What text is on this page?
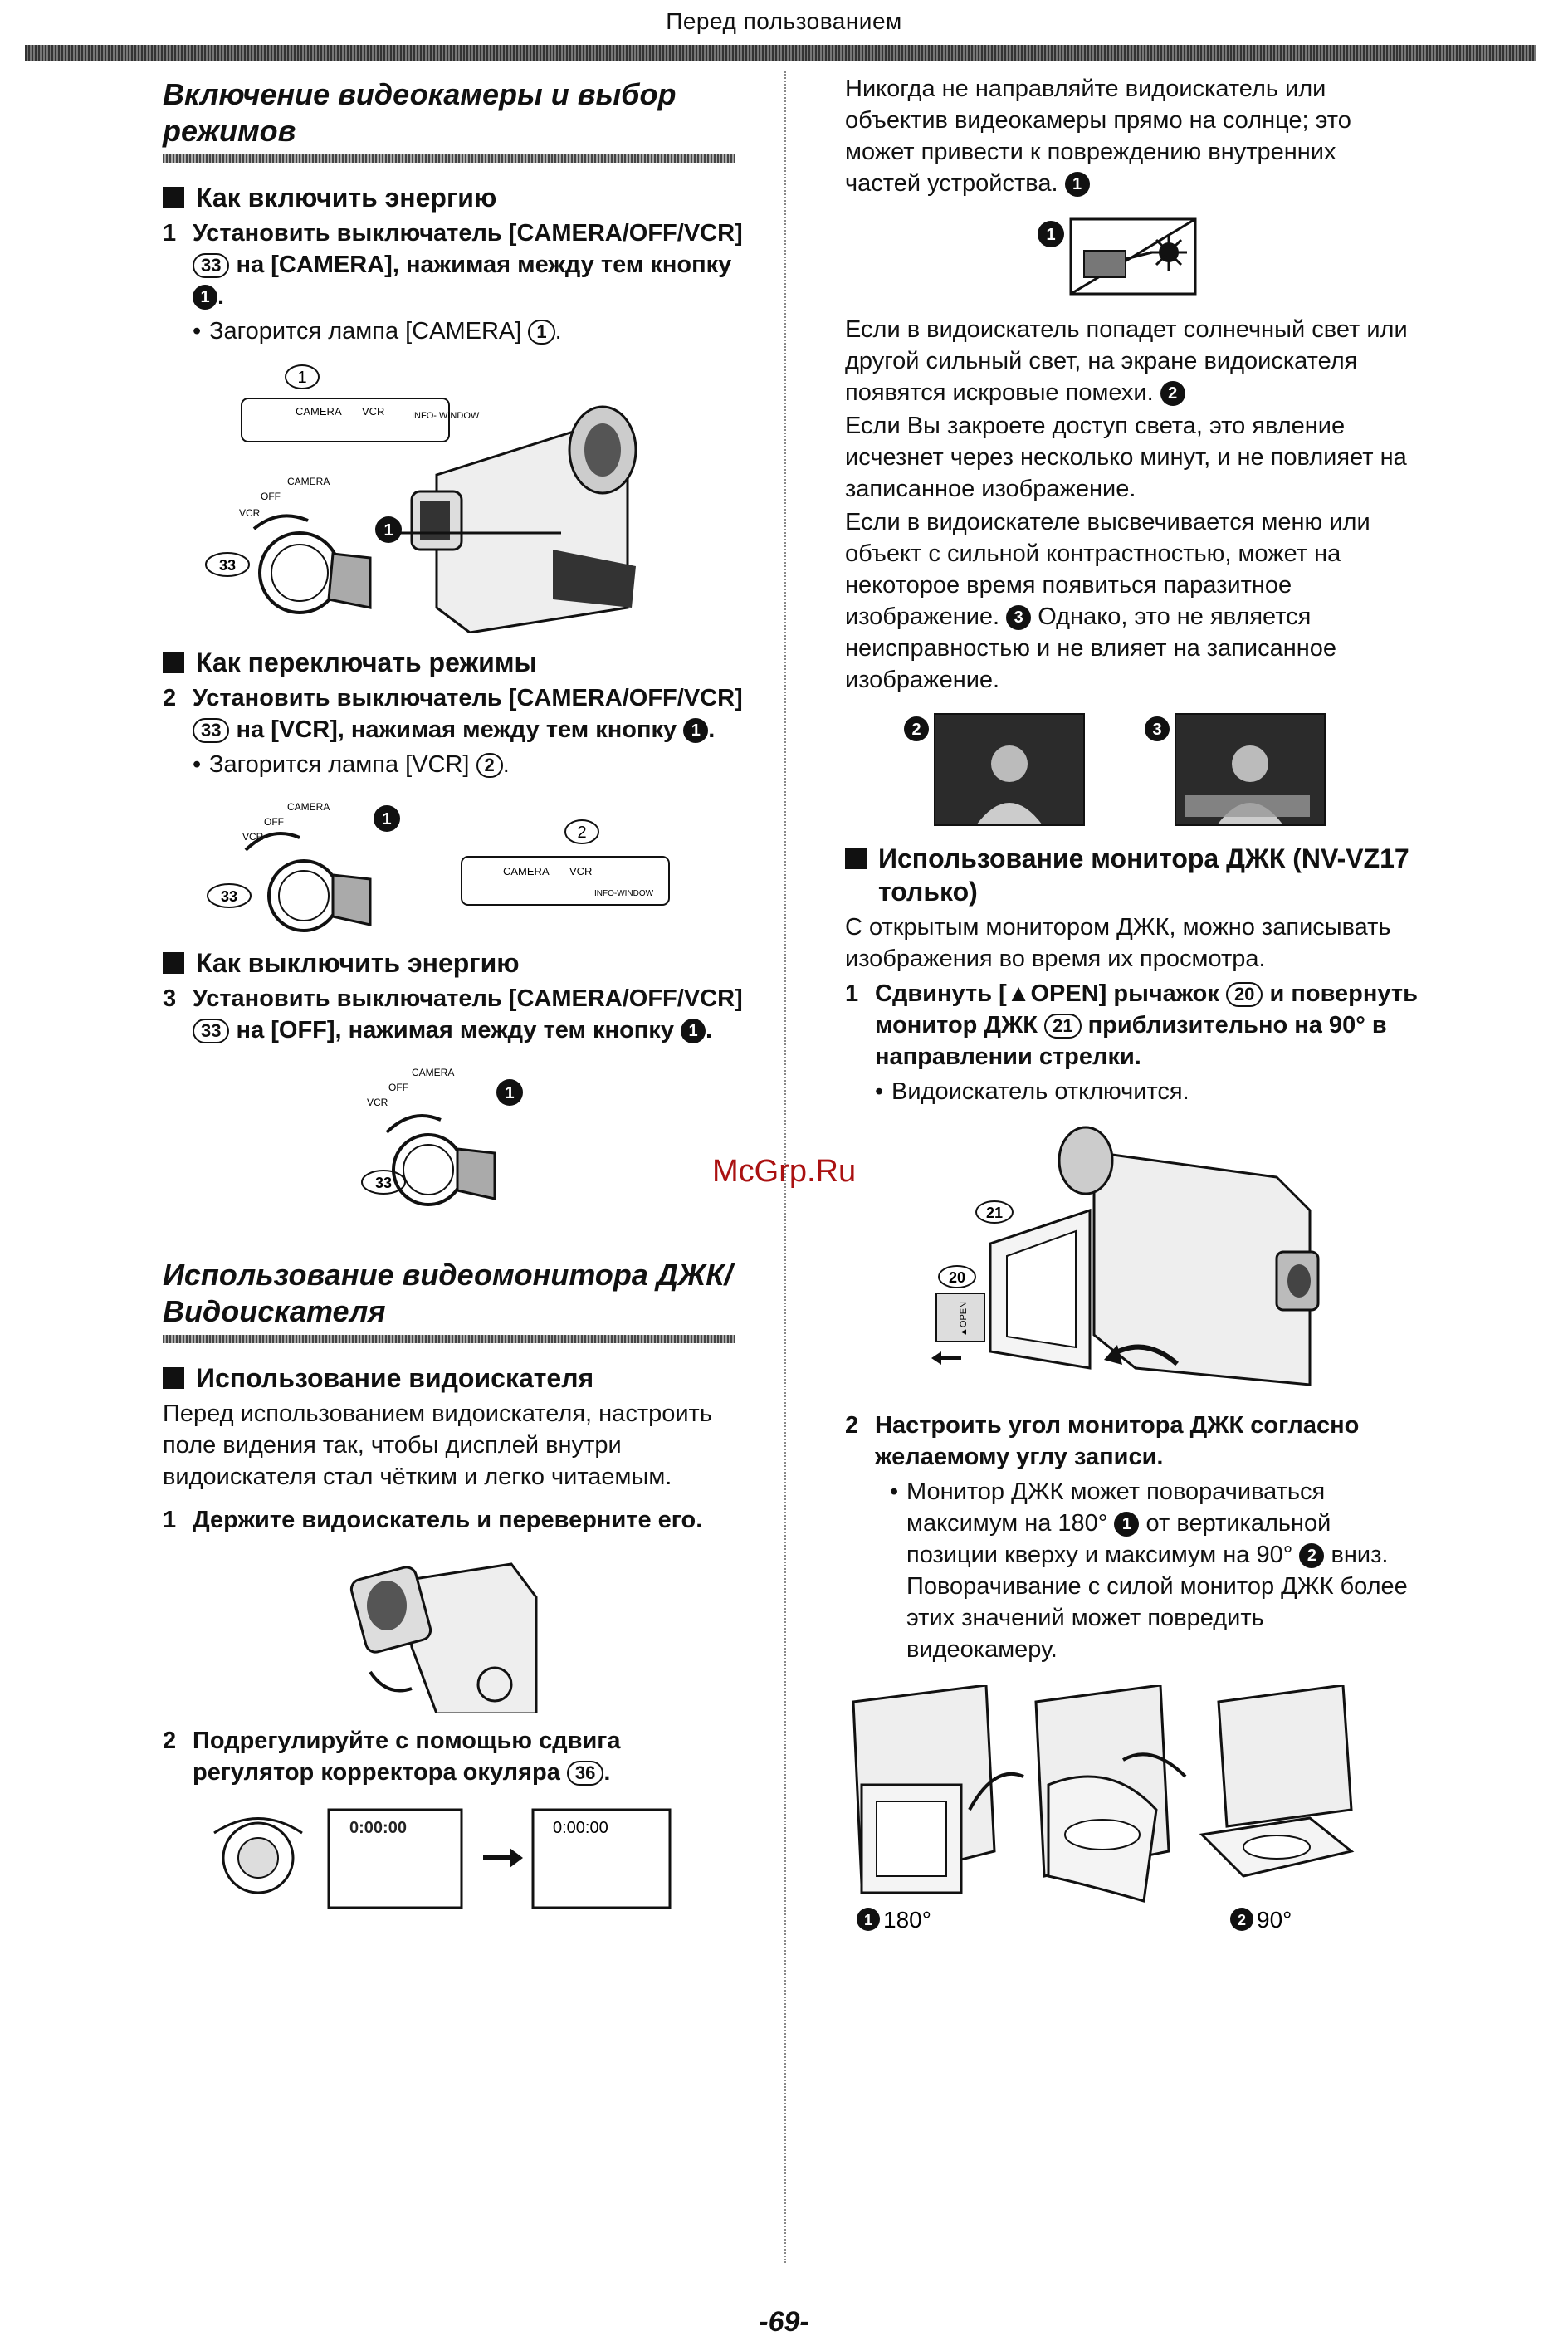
Перед пользованием
Включение видеокамеры и выбор режимов
Как включить энергию
1 Установить выключатель [CAMERA/OFF/VCR] 33 на [CAMERA], нажимая между тем кнопку 1 .
• Загорится лампа [CAMERA] 1 .
1
CAMERA VCR	INFO- WINDOW
CAMERA
OFF
VCR
33
1
Как переключать режимы
2 Установить выключатель [CAMERA/OFF/VCR] 33 на [VCR], нажимая между тем кнопку 1 .
• Загорится лампа [VCR] 2 .
CAMERA
OFF
VCR
33
1
2
CAMERA VCR
INFO-WINDOW
Как выключить энергию
3 Установить выключатель [CAMERA/OFF/VCR] 33 на [OFF], нажимая между тем кнопку 1 .
CAMERA
OFF
VCR
33
1
Использование видеомонитора ДЖК/Видоискателя
Использование видоискателя
Перед использованием видоискателя, настроить поле видения так, чтобы дисплей внутри видоискателя стал чётким и легко читаемым.
1 Держите видоискатель и переверните его.
2 Подрегулируйте с помощью сдвига регулятор корректора окуляра 36 .
0:00:00	0:00:00
Никогда не направляйте видоискатель или объектив видеокамеры прямо на солнце; это может привести к повреждению внутренних частей устройства. 1
1
Если в видоискатель попадет солнечный свет или другой сильный свет, на экране видоискателя появятся искровые помехи. 2
Если Вы закроете доступ света, это явление исчезнет через несколько минут, и не повлияет на записанное изображение.
Если в видоискателе высвечивается меню или объект с сильной контрастностью, может на некоторое время появиться паразитное изображение. 3 Однако, это не является неисправностью и не влияет на записанное изображение.
2	3
Использование монитора ДЖК (NV-VZ17 только)
С открытым монитором ДЖК, можно записывать изображения во время их просмотра.
1 Сдвинуть [▲OPEN] рычажок 20 и повернуть монитор ДЖК 21 приблизительно на 90° в направлении стрелки.
• Видоискатель отключится.
21
20
▲OPEN
2 Настроить угол монитора ДЖК согласно желаемому углу записи.
• Монитор ДЖК может поворачиваться максимум на 180° 1 от вертикальной позиции кверху и максимум на 90° 2 вниз. Поворачивание с силой монитор ДЖК более этих значений может повредить видеокамеру.
1 180°	2 90°
McGrp.Ru
-69-
